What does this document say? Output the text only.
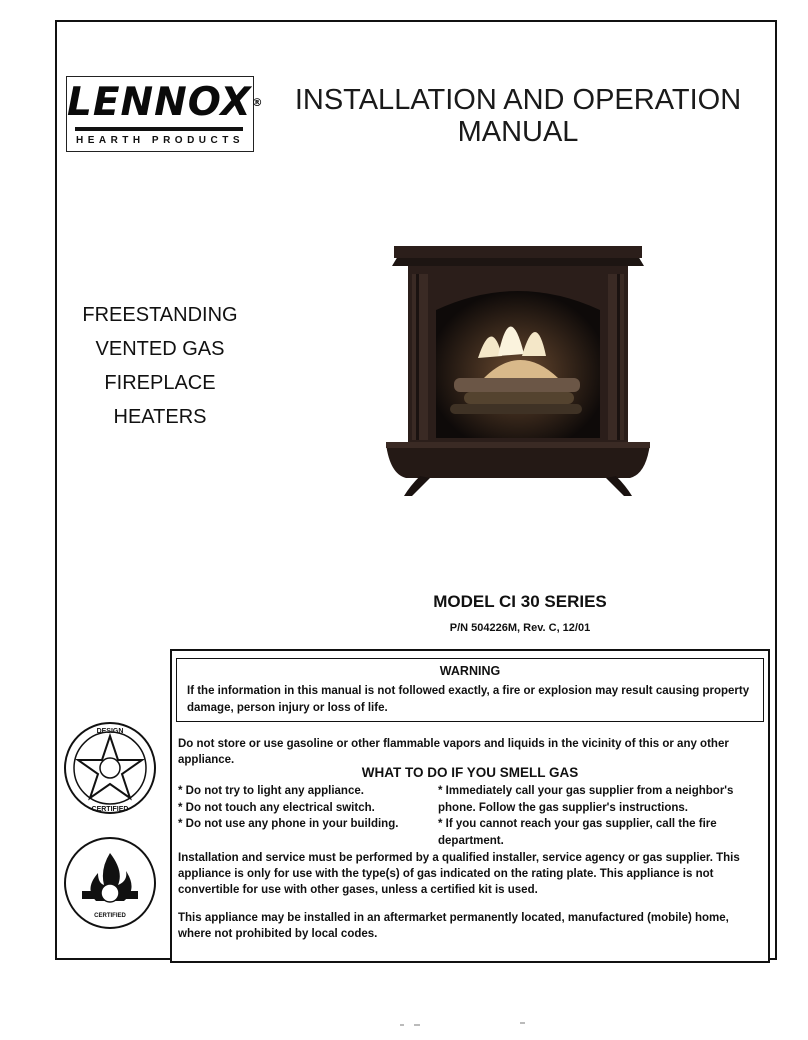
LENNOX®
HEARTH PRODUCTS
INSTALLATION AND OPERATION
MANUAL
FREESTANDING
VENTED GAS
FIREPLACE
HEATERS
MODEL CI 30 SERIES
P/N 504226M, Rev. C, 12/01
WARNING
If the information in this manual is not followed exactly, a fire or explosion may result causing property damage, person injury or loss of life.
Do not store or use gasoline or other flammable vapors and liquids in the vicinity of this or any other appliance.
WHAT TO DO IF YOU SMELL GAS
* Do not try to light any appliance.
* Do not touch any electrical switch.
* Do not use any phone in your building.
* Immediately call your gas supplier from a neighbor's phone. Follow the gas supplier's instructions.
* If you cannot reach your gas supplier, call the fire department.
Installation and service must be performed by a qualified installer, service agency or gas supplier. This appliance is only for use with the type(s) of gas indicated on the rating plate. This appliance is not convertible for use with other gases, unless a certified kit is used.
This appliance may be installed in an aftermarket permanently located, manufactured (mobile) home, where not prohibited by local codes.
DESIGN
CERTIFIED
CERTIFIED
